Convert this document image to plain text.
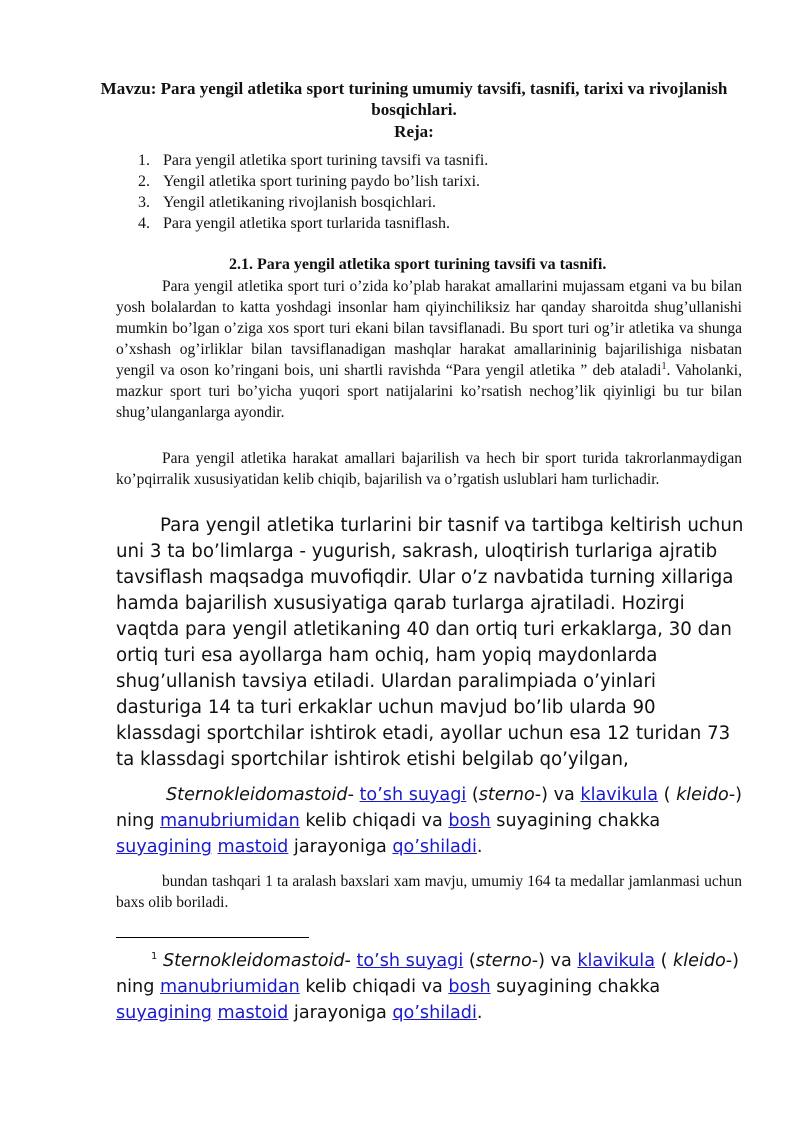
Mavzu: Para yengil atletika sport turining umumiy tavsifi, tasnifi, tarixi va rivojlanish bosqichlari.
Reja:
1. Para yengil atletika sport turining tavsifi va tasnifi.
2. Yengil atletika sport turining paydo bo’lish tarixi.
3. Yengil atletikaning rivojlanish bosqichlari.
4. Para yengil atletika sport turlarida tasniflash.
2.1. Para yengil atletika sport turining tavsifi va tasnifi.

Para yengil atletika sport turi o’zida ko’plab harakat amallarini mujassam etgani va bu bilan yosh bolalardan to katta yoshdagi insonlar ham qiyinchiliksiz har qanday sharoitda shug’ullanishi mumkin bo’lgan o’ziga xos sport turi ekani bilan tavsiflanadi. Bu sport turi og’ir atletika va shunga o’xshash og’irliklar bilan tavsiflanadigan mashqlar harakat amallarininig bajarilishiga nisbatan yengil va oson ko’ringani bois, uni shartli ravishda “Para yengil atletika ” deb ataladi$^1$. Vaholanki, mazkur sport turi bo’yicha yuqori sport natijalarini ko’rsatish nechog’lik qiyinligi bu tur bilan shug’ulanganlarga ayondir.

Para yengil atletika harakat amallari bajarilish va hech bir sport turida takrorlanmaydigan ko’pqirralik xususiyatidan kelib chiqib, bajarilish va o’rgatish uslublari ham turlichadir.

Para yengil atletika turlarini bir tasnif va tartibga keltirish uchun uni 3 ta bo’limlarga - yugurish, sakrash, uloqtirish turlariga ajratib tavsiflash maqsadga muvofiqdir. Ular o’z navbatida turning xillariga hamda bajarilish xususiyatiga qarab turlarga ajratiladi. Hozirgi vaqtda para yengil atletikaning 40 dan ortiq turi erkaklarga, 30 dan ortiq turi esa ayollarga ham ochiq, ham yopiq maydonlarda shug’ullanish tavsiya etiladi. Ulardan paralimpiada o’yinlari dasturiga 14 ta turi erkaklar uchun mavjud bo’lib ularda 90 klassdagi sportchilar ishtirok etadi, ayollar uchun esa 12 turidan 73 ta klassdagi sportchilar ishtirok etishi belgilab qo’yilgan,

Sternokleidomastoid- to’sh suyagi (sterno-) va klavikula ( kleido-) ning manubriumidan kelib chiqadi va bosh suyagining chakka suyagining mastoid jarayoniga qo’shiladi.

bundan tashqari 1 ta aralash baxslari xam mavju, umumiy 164 ta medallar jamlanmasi uchun baxs olib boriladi.

$^1$ Sternokleidomastoid- to’sh suyagi (sterno-) va klavikula ( kleido-) ning manubriumidan kelib chiqadi va bosh suyagining chakka suyagining mastoid jarayoniga qo’shiladi.
